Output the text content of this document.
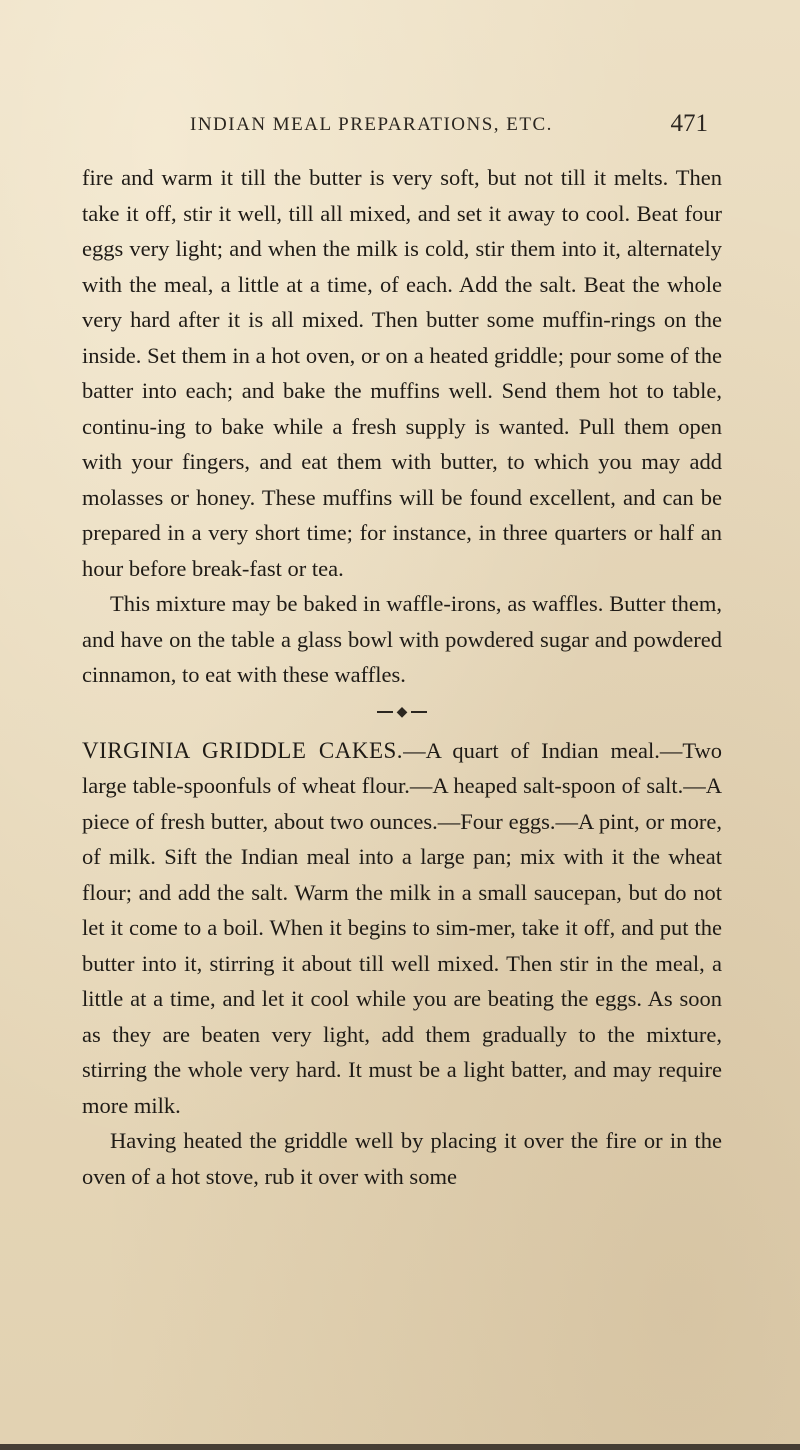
INDIAN MEAL PREPARATIONS, ETC.	471

fire and warm it till the butter is very soft, but not till it melts. Then take it off, stir it well, till all mixed, and set it away to cool. Beat four eggs very light; and when the milk is cold, stir them into it, alternately with the meal, a little at a time, of each. Add the salt. Beat the whole very hard after it is all mixed. Then butter some muffin-rings on the inside. Set them in a hot oven, or on a heated griddle; pour some of the batter into each; and bake the muffins well. Send them hot to table, continu-ing to bake while a fresh supply is wanted. Pull them open with your fingers, and eat them with butter, to which you may add molasses or honey. These muffins will be found excellent, and can be prepared in a very short time; for instance, in three quarters or half an hour before break-fast or tea.

This mixture may be baked in waffle-irons, as waffles. Butter them, and have on the table a glass bowl with powdered sugar and powdered cinnamon, to eat with these waffles.

◆

VIRGINIA GRIDDLE CAKES.—A quart of Indian meal.—Two large table-spoonfuls of wheat flour.—A heaped salt-spoon of salt.—A piece of fresh butter, about two ounces.—Four eggs.—A pint, or more, of milk. Sift the Indian meal into a large pan; mix with it the wheat flour; and add the salt. Warm the milk in a small saucepan, but do not let it come to a boil. When it begins to sim-mer, take it off, and put the butter into it, stirring it about till well mixed. Then stir in the meal, a little at a time, and let it cool while you are beating the eggs. As soon as they are beaten very light, add them gradually to the mixture, stirring the whole very hard. It must be a light batter, and may require more milk.

Having heated the griddle well by placing it over the fire or in the oven of a hot stove, rub it over with some
